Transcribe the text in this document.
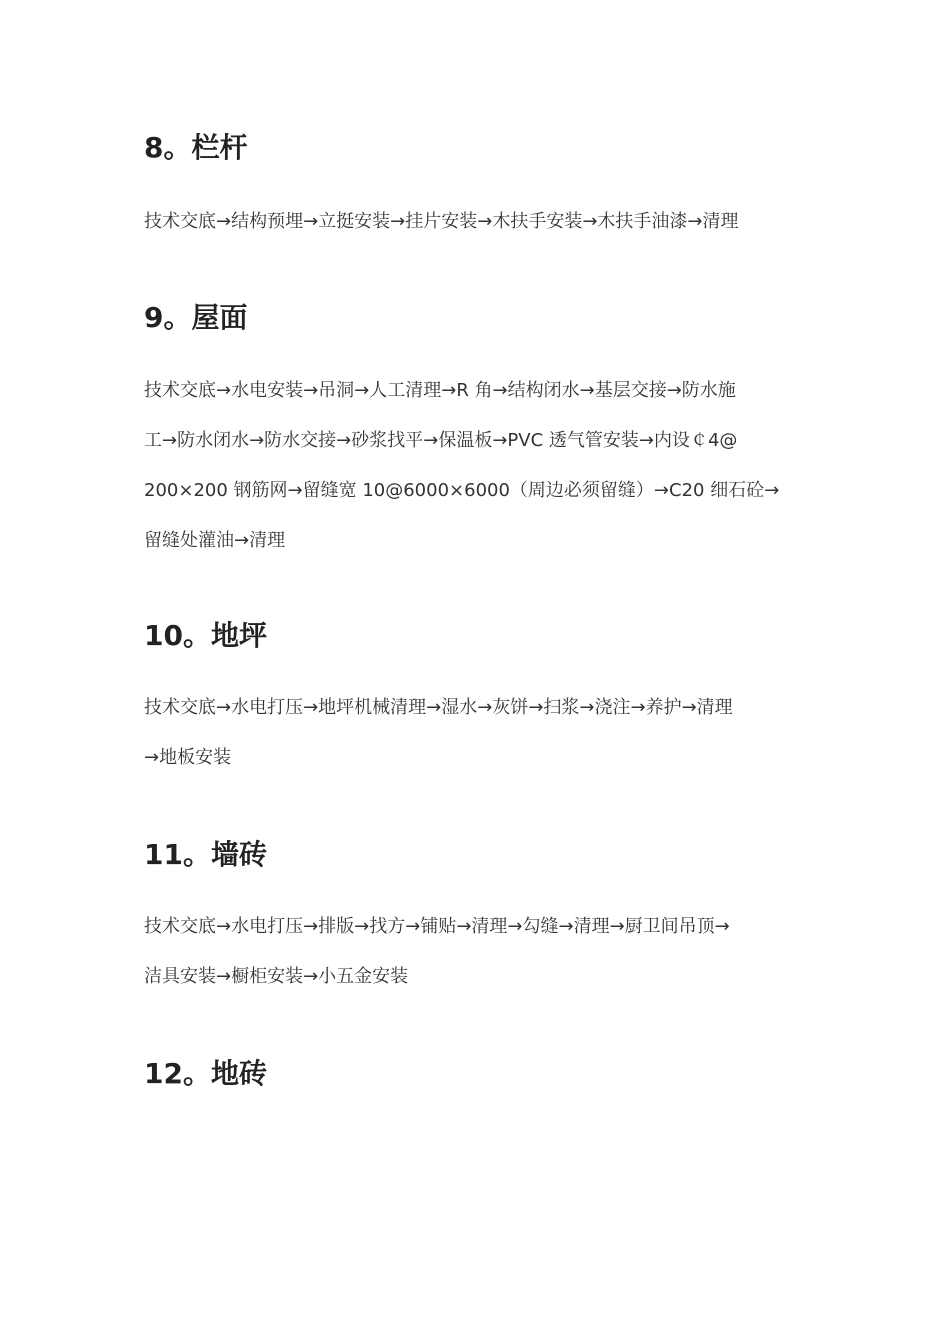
8。栏杆

技术交底→结构预埋→立挺安装→挂片安装→木扶手安装→木扶手油漆→清理

9。屋面

技术交底→水电安装→吊洞→人工清理→R 角→结构闭水→基层交接→防水施
工→防水闭水→防水交接→砂浆找平→保温板→PVC 透气管安装→内设￠4@
200×200 钢筋网→留缝宽 10@6000×6000（周边必须留缝）→C20 细石砼→
留缝处灌油→清理

10。地坪

技术交底→水电打压→地坪机械清理→湿水→灰饼→扫浆→浇注→养护→清理
→地板安装

11。墙砖

技术交底→水电打压→排版→找方→铺贴→清理→勾缝→清理→厨卫间吊顶→
洁具安装→橱柜安装→小五金安装

12。地砖
